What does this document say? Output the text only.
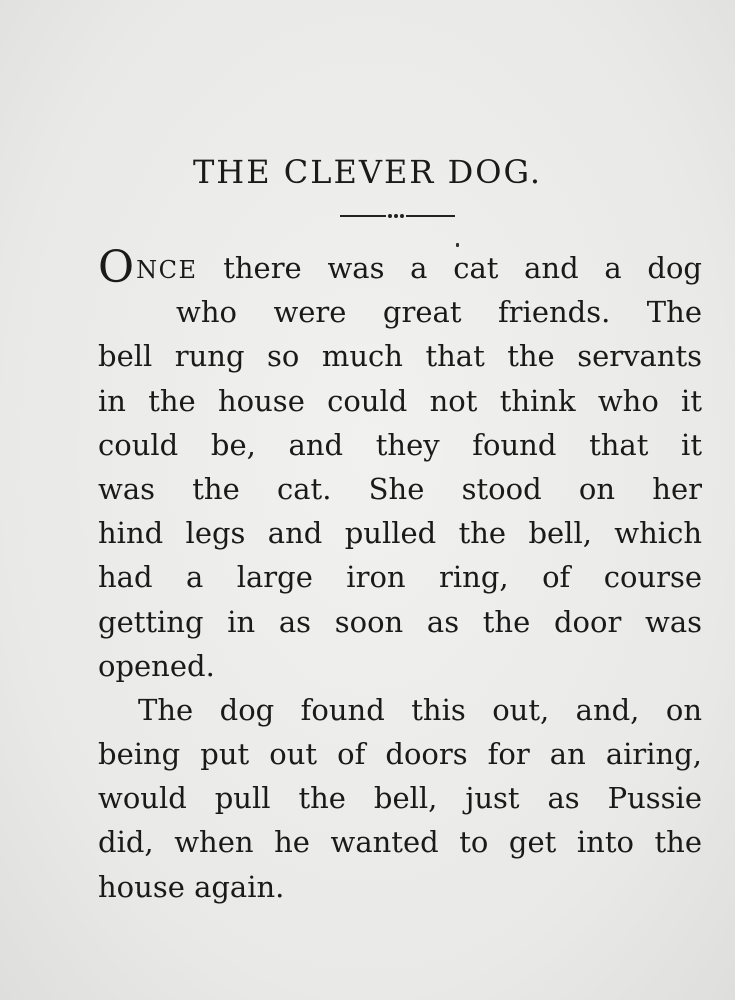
THE CLEVER DOG.
ONCE there was a cat and a dog
who were great friends. The
bell rung so much that the servants
in the house could not think who it
could be, and they found that it
was the cat. She stood on her
hind legs and pulled the bell, which
had a large iron ring, of course
getting in as soon as the door was
opened.
The dog found this out, and, on
being put out of doors for an airing,
would pull the bell, just as Pussie
did, when he wanted to get into the
house again.
